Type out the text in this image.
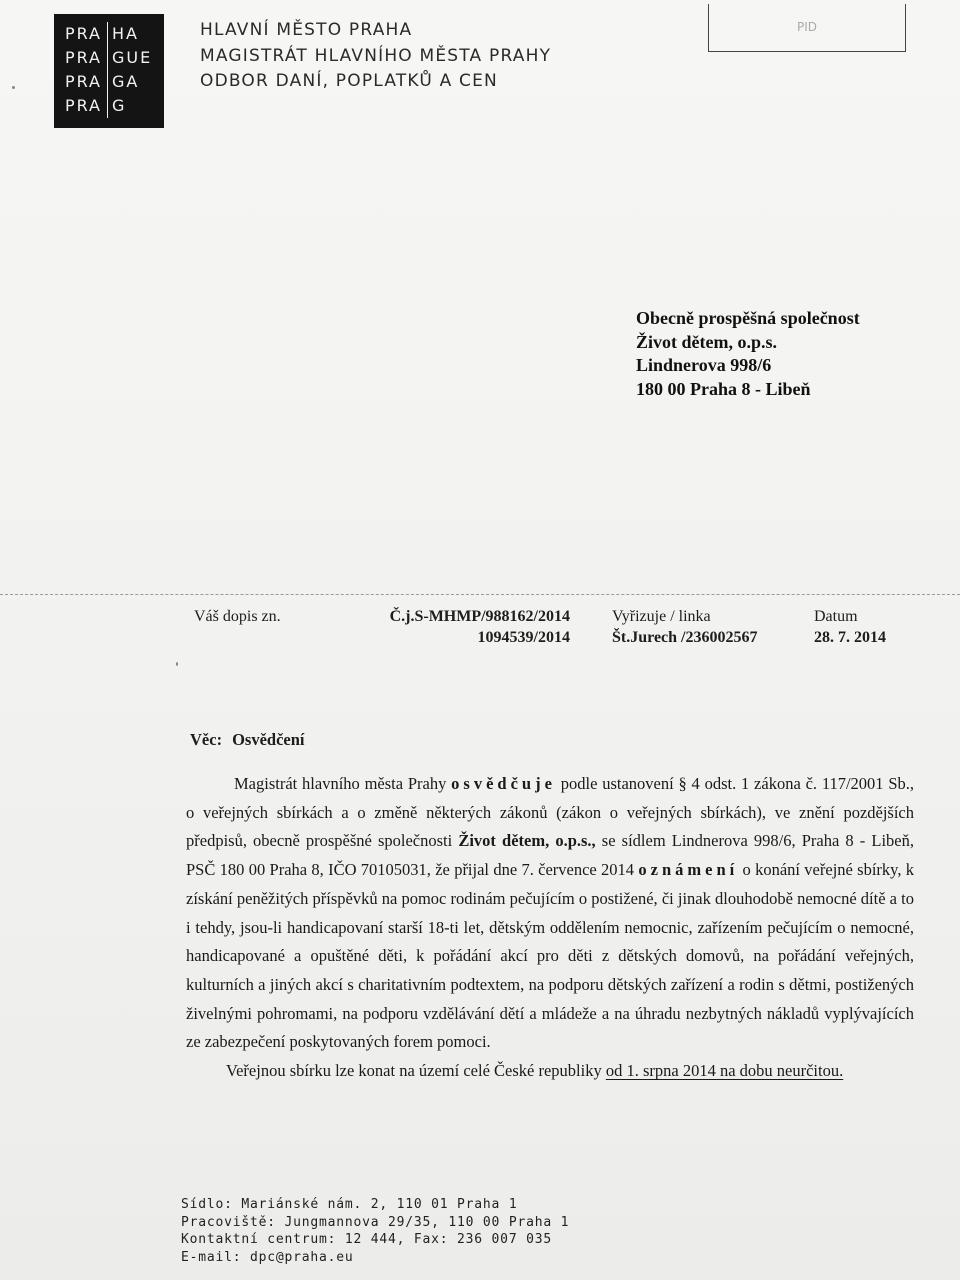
PRA HA
PRA GUE
PRA GA
PRA G
HLAVNÍ MĚSTO PRAHA
MAGISTRÁT HLAVNÍHO MĚSTA PRAHY
ODBOR DANÍ, POPLATKŮ A CEN
PID
Obecně prospěšná společnost
Život dětem, o.p.s.
Lindnerova 998/6
180 00 Praha 8 - Libeň
Váš dopis zn.	Č.j.S-MHMP/988162/2014
1094539/2014
Vyřizuje / linka
Št.Jurech /236002567
Datum
28. 7. 2014
Věc: Osvědčení

Magistrát hlavního města Prahy osvědčuje podle ustanovení § 4 odst. 1 zákona č. 117/2001 Sb., o veřejných sbírkách a o změně některých zákonů (zákon o veřejných sbírkách), ve znění pozdějších předpisů, obecně prospěšné společnosti Život dětem, o.p.s., se sídlem Lindnerova 998/6, Praha 8 - Libeň, PSČ 180 00 Praha 8, IČO 70105031, že přijal dne 7. července 2014 oznámení o konání veřejné sbírky, k získání peněžitých příspěvků na pomoc rodinám pečujícím o postižené, či jinak dlouhodobě nemocné dítě a to i tehdy, jsou-li handicapovaní starší 18-ti let, dětským oddělením nemocnic, zařízením pečujícím o nemocné, handicapované a opuštěné děti, k pořádání akcí pro děti z dětských domovů, na pořádání veřejných, kulturních a jiných akcí s charitativním podtextem, na podporu dětských zařízení a rodin s dětmi, postižených živelnými pohromami, na podporu vzdělávání dětí a mládeže a na úhradu nezbytných nákladů vyplývajících ze zabezpečení poskytovaných forem pomoci.

Veřejnou sbírku lze konat na území celé České republiky od 1. srpna 2014 na dobu neurčitou.

Sídlo: Mariánské nám. 2, 110 01 Praha 1
Pracoviště: Jungmannova 29/35, 110 00 Praha 1
Kontaktní centrum: 12 444, Fax: 236 007 035
E-mail: dpc@praha.eu
